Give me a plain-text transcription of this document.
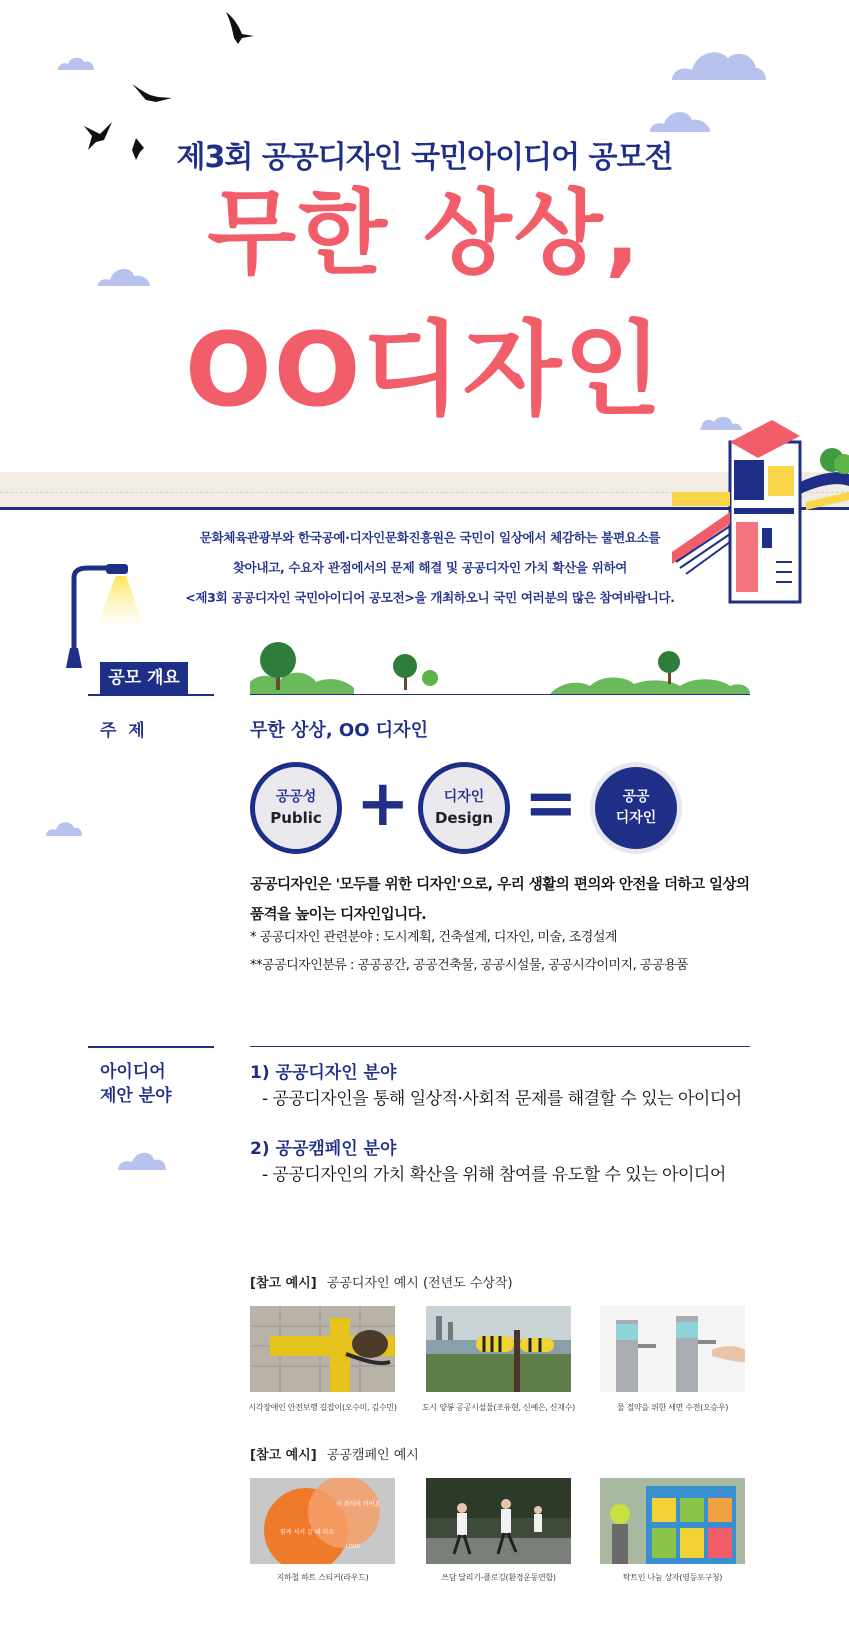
제3회 공공디자인 국민아이디어 공모전
무한 상상,
OO디자인
문화체육관광부와 한국공예·디자인문화진흥원은 국민이 일상에서 체감하는 불편요소를
찾아내고, 수요자 관점에서의 문제 해결 및 공공디자인 가치 확산을 위하여
<제3회 공공디자인 국민아이디어 공모전>을 개최하오니 국민 여러분의 많은 참여바랍니다.
공모 개요
주  제	무한 상상, OO 디자인
공공성
Public + 디자인
Design =	공공
디자인
공공디자인은 '모두를 위한 디자인'으로, 우리 생활의 편의와 안전을 더하고 일상의
품격을 높이는 디자인입니다.
* 공공디자인 관련분야 : 도시계획, 건축설계, 디자인, 미술, 조경설계
**공공디자인분류 : 공공공간, 공공건축물, 공공시설물, 공공시각이미지, 공공용품
아이디어
제안 분야
1) 공공디자인 분야
- 공공디자인을 통해 일상적·사회적 문제를 해결할 수 있는 아이디어
2) 공공캠페인 분야
- 공공디자인의 가치 확산을 위해 참여를 유도할 수 있는 아이디어
[참고 예시] 공공디자인 예시 (전년도 수상작)
시각장애인 안전보행 길잡이(오수미, 김수민)	도시 양봉 공공시설물(조유현, 신예은, 신재수)	물 절약을 위한 세면 수전(오승우)
[참고 예시] 공공캠페인 예시
함께 서서 갈 때 되죠
이 좌석이 비어요
LOUD
지하철 하트 스티커(라우드)	쓰담 달리기-플로깅(환경운동연합)	탁트인 나눔 상자(영등포구청)
